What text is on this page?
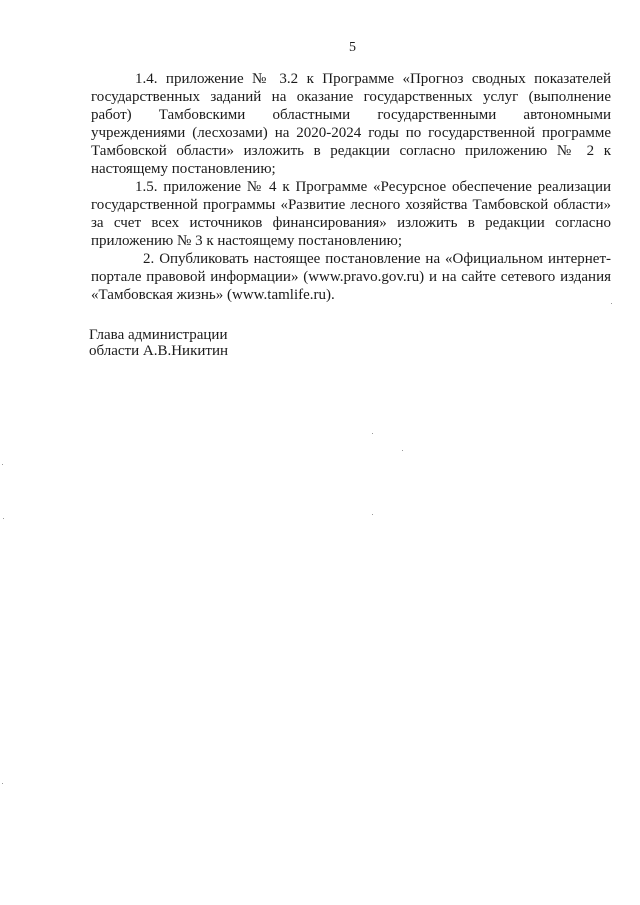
5

1.4. приложение № 3.2 к Программе «Прогноз сводных показателей государственных заданий на оказание государственных услуг (выполнение работ) Тамбовскими областными государственными автономными учреждениями (лесхозами) на 2020-2024 годы по государственной программе Тамбовской области» изложить в редакции согласно приложению № 2 к настоящему постановлению;

1.5. приложение № 4 к Программе «Ресурсное обеспечение реализации государственной программы «Развитие лесного хозяйства Тамбовской области» за счет всех источников финансирования» изложить в редакции согласно приложению № 3 к настоящему постановлению;

2. Опубликовать настоящее постановление на «Официальном интернет-портале правовой информации» (www.pravo.gov.ru) и на сайте сетевого издания «Тамбовская жизнь» (www.tamlife.ru).

Глава администрации
области А.В.Никитин
